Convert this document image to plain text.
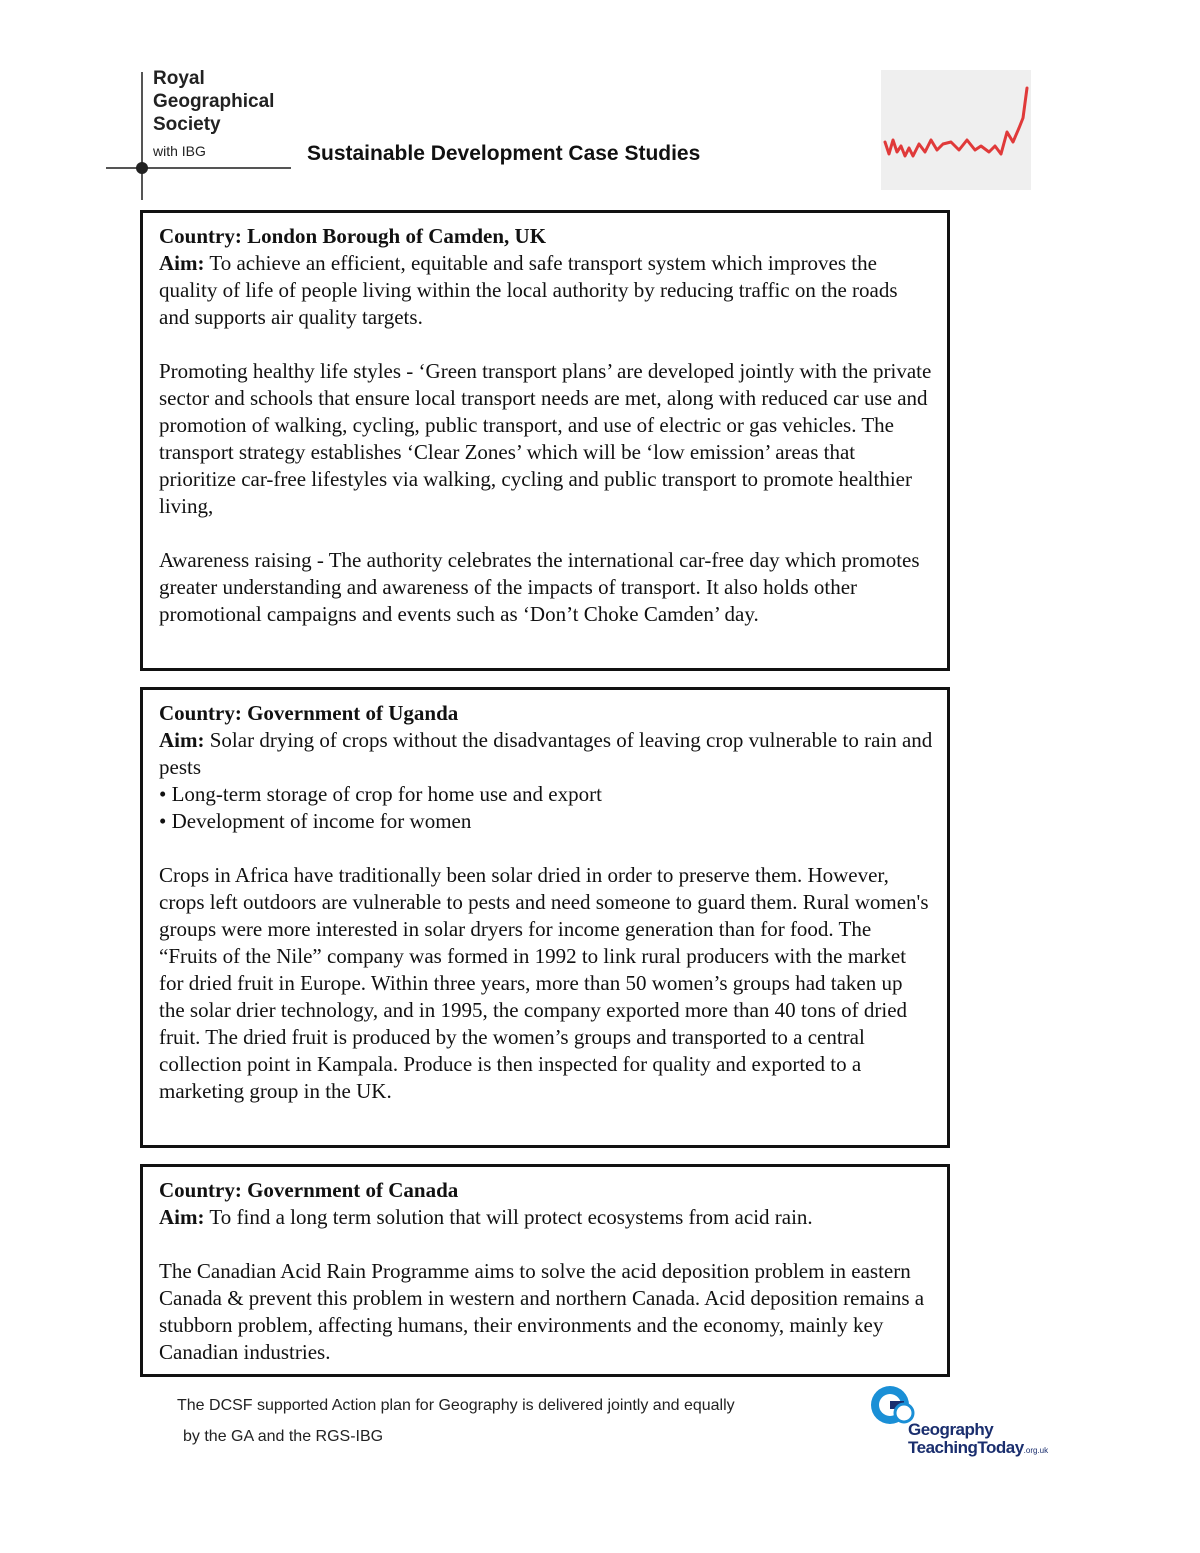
Royal
Geographical
Society
with IBG	Sustainable Development Case Studies

Country: London Borough of Camden, UK

Aim: To achieve an efficient, equitable and safe transport system which improves the quality of life of people living within the local authority by reducing traffic on the roads and supports air quality targets.

Promoting healthy life styles - ‘Green transport plans’ are developed jointly with the private sector and schools that ensure local transport needs are met, along with reduced car use and promotion of walking, cycling, public transport, and use of electric or gas vehicles. The transport strategy establishes ‘Clear Zones’ which will be ‘low emission’ areas that prioritize car-free lifestyles via walking, cycling and public transport to promote healthier living,

Awareness raising - The authority celebrates the international car-free day which promotes greater understanding and awareness of the impacts of transport. It also holds other promotional campaigns and events such as ‘Don’t Choke Camden’ day.

Country: Government of Uganda

Aim: Solar drying of crops without the disadvantages of leaving crop vulnerable to rain and pests

• Long-term storage of crop for home use and export

• Development of income for women

Crops in Africa have traditionally been solar dried in order to preserve them. However, crops left outdoors are vulnerable to pests and need someone to guard them. Rural women's groups were more interested in solar dryers for income generation than for food. The “Fruits of the Nile” company was formed in 1992 to link rural producers with the market for dried fruit in Europe. Within three years, more than 50 women’s groups had taken up the solar drier technology, and in 1995, the company exported more than 40 tons of dried fruit. The dried fruit is produced by the women’s groups and transported to a central collection point in Kampala. Produce is then inspected for quality and exported to a marketing group in the UK.

Country: Government of Canada

Aim: To find a long term solution that will protect ecosystems from acid rain.

The Canadian Acid Rain Programme aims to solve the acid deposition problem in eastern Canada & prevent this problem in western and northern Canada. Acid deposition remains a stubborn problem, affecting humans, their environments and the economy, mainly key Canadian industries.

The DCSF supported Action plan for Geography is delivered jointly and equally
by the GA and the RGS-IBG	Geography
TeachingToday.org.uk
